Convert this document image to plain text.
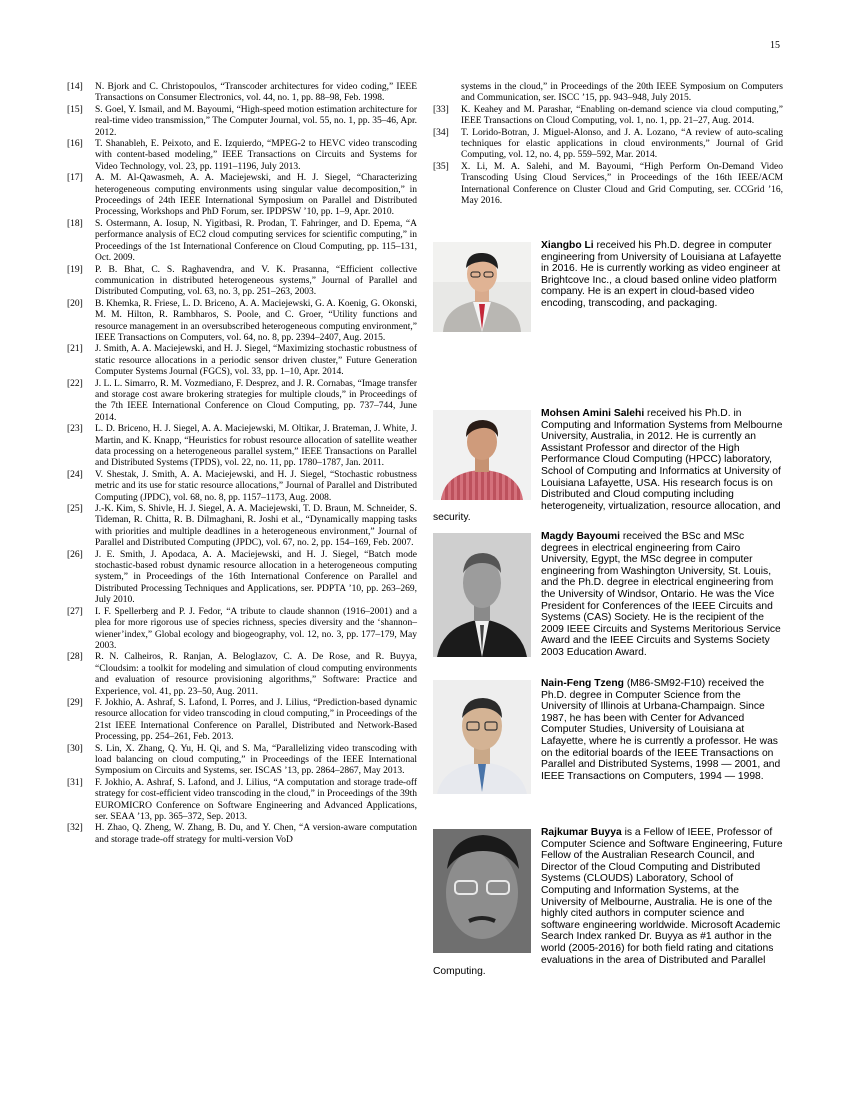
15
[14]	N. Bjork and C. Christopoulos, “Transcoder architectures for video coding,” IEEE Transactions on Consumer Electronics, vol. 44, no. 1, pp. 88–98, Feb. 1998.
[15]	S. Goel, Y. Ismail, and M. Bayoumi, “High-speed motion estimation architecture for real-time video transmission,” The Computer Journal, vol. 55, no. 1, pp. 35–46, Apr. 2012.
[16]	T. Shanableh, E. Peixoto, and E. Izquierdo, “MPEG-2 to HEVC video transcoding with content-based modeling,” IEEE Transactions on Circuits and Systems for Video Technology, vol. 23, pp. 1191–1196, July 2013.
[17]	A. M. Al-Qawasmeh, A. A. Maciejewski, and H. J. Siegel, “Characterizing heterogeneous computing environments using singular value decomposition,” in Proceedings of 24th IEEE International Symposium on Parallel and Distributed Processing, Workshops and PhD Forum, ser. IPDPSW ’10, pp. 1–9, Apr. 2010.
[18]	S. Ostermann, A. Iosup, N. Yigitbasi, R. Prodan, T. Fahringer, and D. Epema, “A performance analysis of EC2 cloud computing services for scientific computing,” in Proceedings of the 1st International Conference on Cloud Computing, pp. 115–131, Oct. 2009.
[19]	P. B. Bhat, C. S. Raghavendra, and V. K. Prasanna, “Efficient collective communication in distributed heterogeneous systems,” Journal of Parallel and Distributed Computing, vol. 63, no. 3, pp. 251–263, 2003.
[20]	B. Khemka, R. Friese, L. D. Briceno, A. A. Maciejewski, G. A. Koenig, G. Okonski, M. M. Hilton, R. Rambharos, S. Poole, and C. Groer, “Utility functions and resource management in an oversubscribed heterogeneous computing environment,” IEEE Transactions on Computers, vol. 64, no. 8, pp. 2394–2407, Aug. 2015.
[21]	J. Smith, A. A. Maciejewski, and H. J. Siegel, “Maximizing stochastic robustness of static resource allocations in a periodic sensor driven cluster,” Future Generation Computer Systems Journal (FGCS), vol. 33, pp. 1–10, Apr. 2014.
[22]	J. L. L. Simarro, R. M. Vozmediano, F. Desprez, and J. R. Cornabas, “Image transfer and storage cost aware brokering strategies for multiple clouds,” in Proceedings of the 7th IEEE International Conference on Cloud Computing, pp. 737–744, June 2014.
[23]	L. D. Briceno, H. J. Siegel, A. A. Maciejewski, M. Oltikar, J. Brateman, J. White, J. Martin, and K. Knapp, “Heuristics for robust resource allocation of satellite weather data processing on a heterogeneous parallel system,” IEEE Transactions on Parallel and Distributed Systems (TPDS), vol. 22, no. 11, pp. 1780–1787, Jan. 2011.
[24]	V. Shestak, J. Smith, A. A. Maciejewski, and H. J. Siegel, “Stochastic robustness metric and its use for static resource allocations,” Journal of Parallel and Distributed Computing (JPDC), vol. 68, no. 8, pp. 1157–1173, Aug. 2008.
[25]	J.-K. Kim, S. Shivle, H. J. Siegel, A. A. Maciejewski, T. D. Braun, M. Schneider, S. Tideman, R. Chitta, R. B. Dilmaghani, R. Joshi et al., “Dynamically mapping tasks with priorities and multiple deadlines in a heterogeneous environment,” Journal of Parallel and Distributed Computing (JPDC), vol. 67, no. 2, pp. 154–169, Feb. 2007.
[26]	J. E. Smith, J. Apodaca, A. A. Maciejewski, and H. J. Siegel, “Batch mode stochastic-based robust dynamic resource allocation in a heterogeneous computing system,” in Proceedings of the 16th International Conference on Parallel and Distributed Processing Techniques and Applications, ser. PDPTA ’10, pp. 263–269, July 2010.
[27]	I. F. Spellerberg and P. J. Fedor, “A tribute to claude shannon (1916–2001) and a plea for more rigorous use of species richness, species diversity and the ‘shannon–wiener’index,” Global ecology and biogeography, vol. 12, no. 3, pp. 177–179, May 2003.
[28]	R. N. Calheiros, R. Ranjan, A. Beloglazov, C. A. De Rose, and R. Buyya, “Cloudsim: a toolkit for modeling and simulation of cloud computing environments and evaluation of resource provisioning algorithms,” Software: Practice and Experience, vol. 41, pp. 23–50, Aug. 2011.
[29]	F. Jokhio, A. Ashraf, S. Lafond, I. Porres, and J. Lilius, “Prediction-based dynamic resource allocation for video transcoding in cloud computing,” in Proceedings of the 21st IEEE International Conference on Parallel, Distributed and Network-Based Processing, pp. 254–261, Feb. 2013.
[30]	S. Lin, X. Zhang, Q. Yu, H. Qi, and S. Ma, “Parallelizing video transcoding with load balancing on cloud computing,” in Proceedings of the IEEE International Symposium on Circuits and Systems, ser. ISCAS ’13, pp. 2864–2867, May 2013.
[31]	F. Jokhio, A. Ashraf, S. Lafond, and J. Lilius, “A computation and storage trade-off strategy for cost-efficient video transcoding in the cloud,” in Proceedings of the 39th EUROMICRO Conference on Software Engineering and Advanced Applications, ser. SEAA ’13, pp. 365–372, Sep. 2013.
[32]	H. Zhao, Q. Zheng, W. Zhang, B. Du, and Y. Chen, “A version-aware computation and storage trade-off strategy for multi-version VoD
systems in the cloud,” in Proceedings of the 20th IEEE Symposium on Computers and Communication, ser. ISCC ’15, pp. 943–948, July 2015.
[33]	K. Keahey and M. Parashar, “Enabling on-demand science via cloud computing,” IEEE Transactions on Cloud Computing, vol. 1, no. 1, pp. 21–27, Aug. 2014.
[34]	T. Lorido-Botran, J. Miguel-Alonso, and J. A. Lozano, “A review of auto-scaling techniques for elastic applications in cloud environments,” Journal of Grid Computing, vol. 12, no. 4, pp. 559–592, Mar. 2014.
[35]	X. Li, M. A. Salehi, and M. Bayoumi, “High Perform On-Demand Video Transcoding Using Cloud Services,” in Proceedings of the 16th IEEE/ACM International Conference on Cluster Cloud and Grid Computing, ser. CCGrid ’16, May 2016.
Xiangbo Li received his Ph.D. degree in computer engineering from University of Louisiana at Lafayette in 2016. He is currently working as video engineer at Brightcove Inc., a cloud based online video platform company. He is an expert in cloud-based video encoding, transcoding, and packaging.
Mohsen Amini Salehi received his Ph.D. in Computing and Information Systems from Melbourne University, Australia, in 2012. He is currently an Assistant Professor and director of the High Performance Cloud Computing (HPCC) laboratory, School of Computing and Informatics at University of Louisiana Lafayette, USA. His research focus is on Distributed and Cloud computing including heterogeneity, virtualization, resource allocation, and security.
Magdy Bayoumi received the BSc and MSc degrees in electrical engineering from Cairo University, Egypt, the MSc degree in computer engineering from Washington University, St. Louis, and the Ph.D. degree in electrical engineering from the University of Windsor, Ontario. He was the Vice President for Conferences of the IEEE Circuits and Systems (CAS) Society. He is the recipient of the 2009 IEEE Circuits and Systems Meritorious Service Award and the IEEE Circuits and Systems Society 2003 Education Award.
Nain-Feng Tzeng (M86-SM92-F10) received the Ph.D. degree in Computer Science from the University of Illinois at Urbana-Champaign. Since 1987, he has been with Center for Advanced Computer Studies, University of Louisiana at Lafayette, where he is currently a professor. He was on the editorial boards of the IEEE Transactions on Parallel and Distributed Systems, 1998 — 2001, and IEEE Transactions on Computers, 1994 — 1998.
Rajkumar Buyya is a Fellow of IEEE, Professor of Computer Science and Software Engineering, Future Fellow of the Australian Research Council, and Director of the Cloud Computing and Distributed Systems (CLOUDS) Laboratory, School of Computing and Information Systems, at the University of Melbourne, Australia. He is one of the highly cited authors in computer science and software engineering worldwide. Microsoft Academic Search Index ranked Dr. Buyya as #1 author in the world (2005-2016) for both field rating and citations evaluations in the area of Distributed and Parallel Computing.
